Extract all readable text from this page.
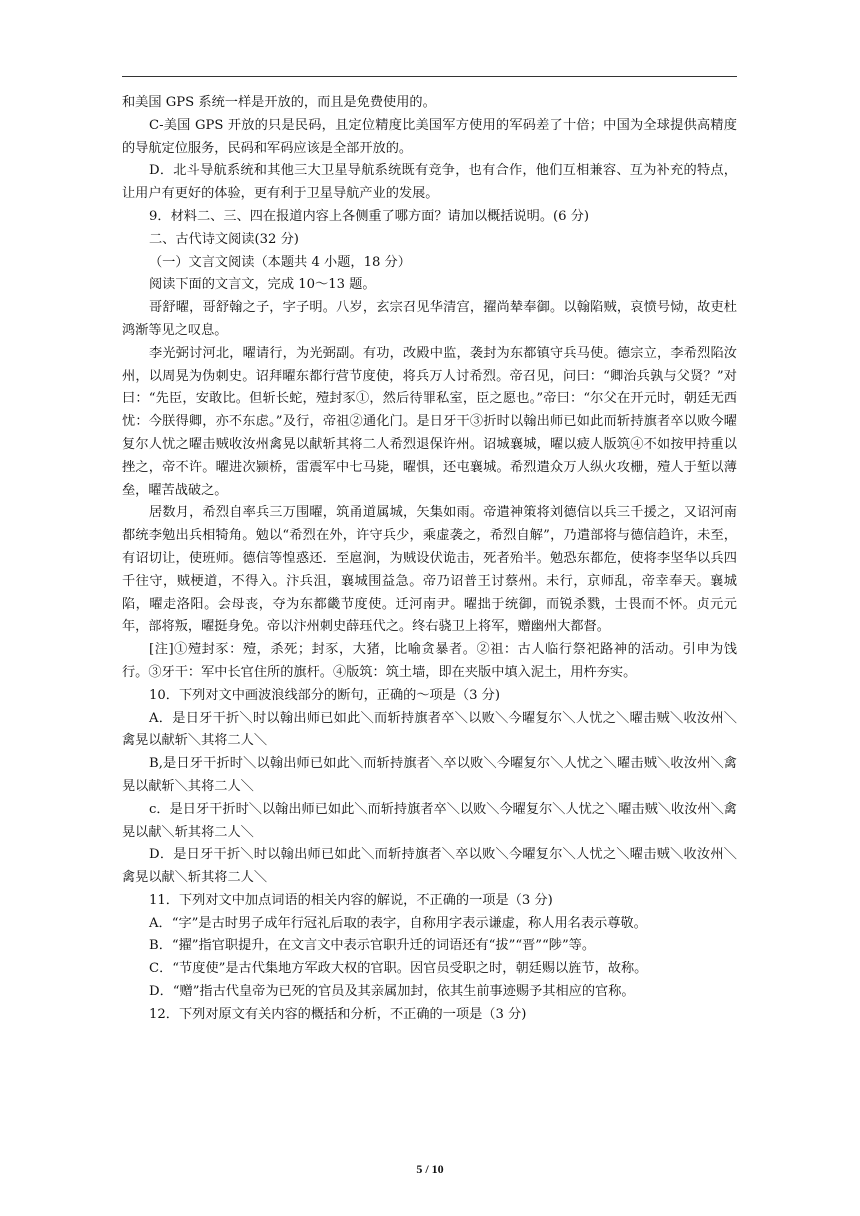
和美国 GPS 系统一样是开放的，而且是免费使用的。

C-美国 GPS 开放的只是民码，且定位精度比美国军方使用的军码差了十倍；中国为全球提供高精度的导航定位服务，民码和军码应该是全部开放的。

D．北斗导航系统和其他三大卫星导航系统既有竞争，也有合作，他们互相兼容、互为补充的特点，让用户有更好的体验，更有利于卫星导航产业的发展。

9．材料二、三、四在报道内容上各侧重了哪方面？请加以概括说明。(6 分)

二、古代诗文阅读(32 分)

（一）文言文阅读（本题共 4 小题，18 分）

阅读下面的文言文，完成 10～13 题。

哥舒曜，哥舒翰之子，字子明。八岁，玄宗召见华清宫，擢尚辇奉御。以翰陷贼，哀愤号恸，故吏杜鸿渐等见之叹息。

李光弼讨河北，曜请行，为光弼副。有功，改殿中监，袭封为东都镇守兵马使。德宗立，李希烈陷汝州，以周晃为伪刺史。诏拜曜东都行营节度使，将兵万人讨希烈。帝召见，问曰：“卿治兵孰与父贤？”对曰：“先臣，安敢比。但斩长蛇，殪封豕①，然后待罪私室，臣之愿也。”帝曰：“尔父在开元时，朝廷无西忧：今朕得卿，亦不东虑。”及行，帝祖②通化门。是日牙干③折时以翰出师已如此而斩持旗者卒以败今曜复尔人忧之曜击贼收汝州禽晃以献斩其将二人希烈退保许州。诏城襄城，曜以疲人版筑④不如按甲持重以挫之，帝不许。曜进次颍桥，雷震军中七马毙，曜惧，还屯襄城。希烈遣众万人纵火攻栅，殪人于堑以薄垒，曜苦战破之。

居数月，希烈自率兵三万围曜，筑甬道属城，矢集如雨。帝遣神策将刘德信以兵三千援之，又诏河南都统李勉出兵相犄角。勉以“希烈在外，许守兵少，乘虚袭之，希烈自解”，乃遣部将与德信趋许，未至，有诏切让，使班师。德信等惶惑还．至扈涧，为贼设伏诡击，死者殆半。勉恐东都危，使将李坚华以兵四千往守，贼梗道，不得入。汴兵沮，襄城围益急。帝乃诏普王讨蔡州。未行，京师乱，帝幸奉天。襄城陷，曜走洛阳。会母丧，夺为东都畿节度使。迁河南尹。曜拙于统御，而锐杀戮，士畏而不怀。贞元元年，部将叛，曜挺身免。帝以汴州刺史薛珏代之。终右骁卫上将军，赠幽州大都督。

[注]①殪封豕：殪，杀死；封豕，大猪，比喻贪暴者。②祖：古人临行祭祀路神的活动。引申为饯行。③牙干：军中长官住所的旗杆。④版筑：筑土墙，即在夹版中填入泥土，用杵夯实。

10．下列对文中画波浪线部分的断句，正确的～项是（3 分)

A．是日牙干折＼时以翰出师已如此＼而斩持旗者卒＼以败＼今曜复尔＼人忧之＼曜击贼＼收汝州＼禽晃以献斩＼其将二人＼

B,是日牙干折时＼以翰出师已如此＼而斩持旗者＼卒以败＼今曜复尔＼人忧之＼曜击贼＼收汝州＼禽晃以献斩＼其将二人＼

c．是日牙干折时＼以翰出师已如此＼而斩持旗者卒＼以败＼今曜复尔＼人忧之＼曜击贼＼收汝州＼禽晃以献＼斩其将二人＼

D．是日牙干折＼时以翰出师已如此＼而斩持旗者＼卒以败＼今曜复尔＼人忧之＼曜击贼＼收汝州＼禽晃以献＼斩其将二人＼

11．下列对文中加点词语的相关内容的解说，不正确的一项是（3 分)

A．“字”是古时男子成年行冠礼后取的表字，自称用字表示谦虚，称人用名表示尊敬。

B．“擢”指官职提升，在文言文中表示官职升迁的词语还有“拔”“晋”“陟”等。

C．“节度使”是古代集地方军政大权的官职。因官员受职之时，朝廷赐以旌节，故称。

D．“赠”指古代皇帝为已死的官员及其亲属加封，依其生前事迹赐予其相应的官称。

12．下列对原文有关内容的概括和分析，不正确的一项是（3 分)

5 / 10
